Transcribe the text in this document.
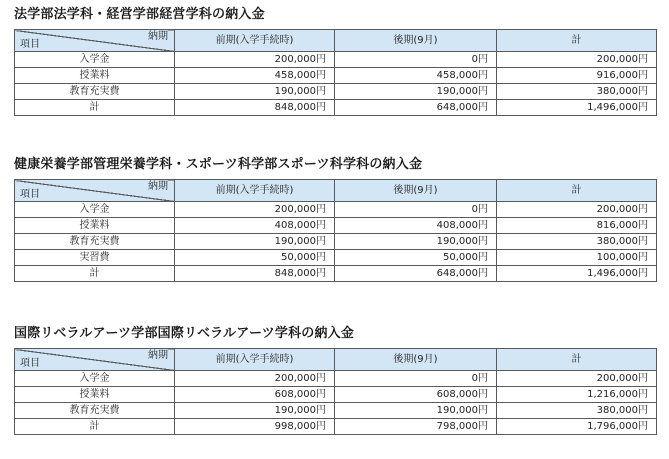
法学部法学科・経営学部経営学科の納入金
納期
項目	前期(入学手続時)	後期(9月)	計
入学金	200,000円	0円	200,000円
授業料	458,000円	458,000円	916,000円
教育充実費	190,000円	190,000円	380,000円
計	848,000円	648,000円	1,496,000円
健康栄養学部管理栄養学科・スポーツ科学部スポーツ科学科の納入金
納期
項目	前期(入学手続時)	後期(9月)	計
入学金	200,000円	0円	200,000円
授業料	408,000円	408,000円	816,000円
教育充実費	190,000円	190,000円	380,000円
実習費	50,000円	50,000円	100,000円
計	848,000円	648,000円	1,496,000円
国際リベラルアーツ学部国際リベラルアーツ学科の納入金
納期
項目	前期(入学手続時)	後期(9月)	計
入学金	200,000円	0円	200,000円
授業料	608,000円	608,000円	1,216,000円
教育充実費	190,000円	190,000円	380,000円
計	998,000円	798,000円	1,796,000円
